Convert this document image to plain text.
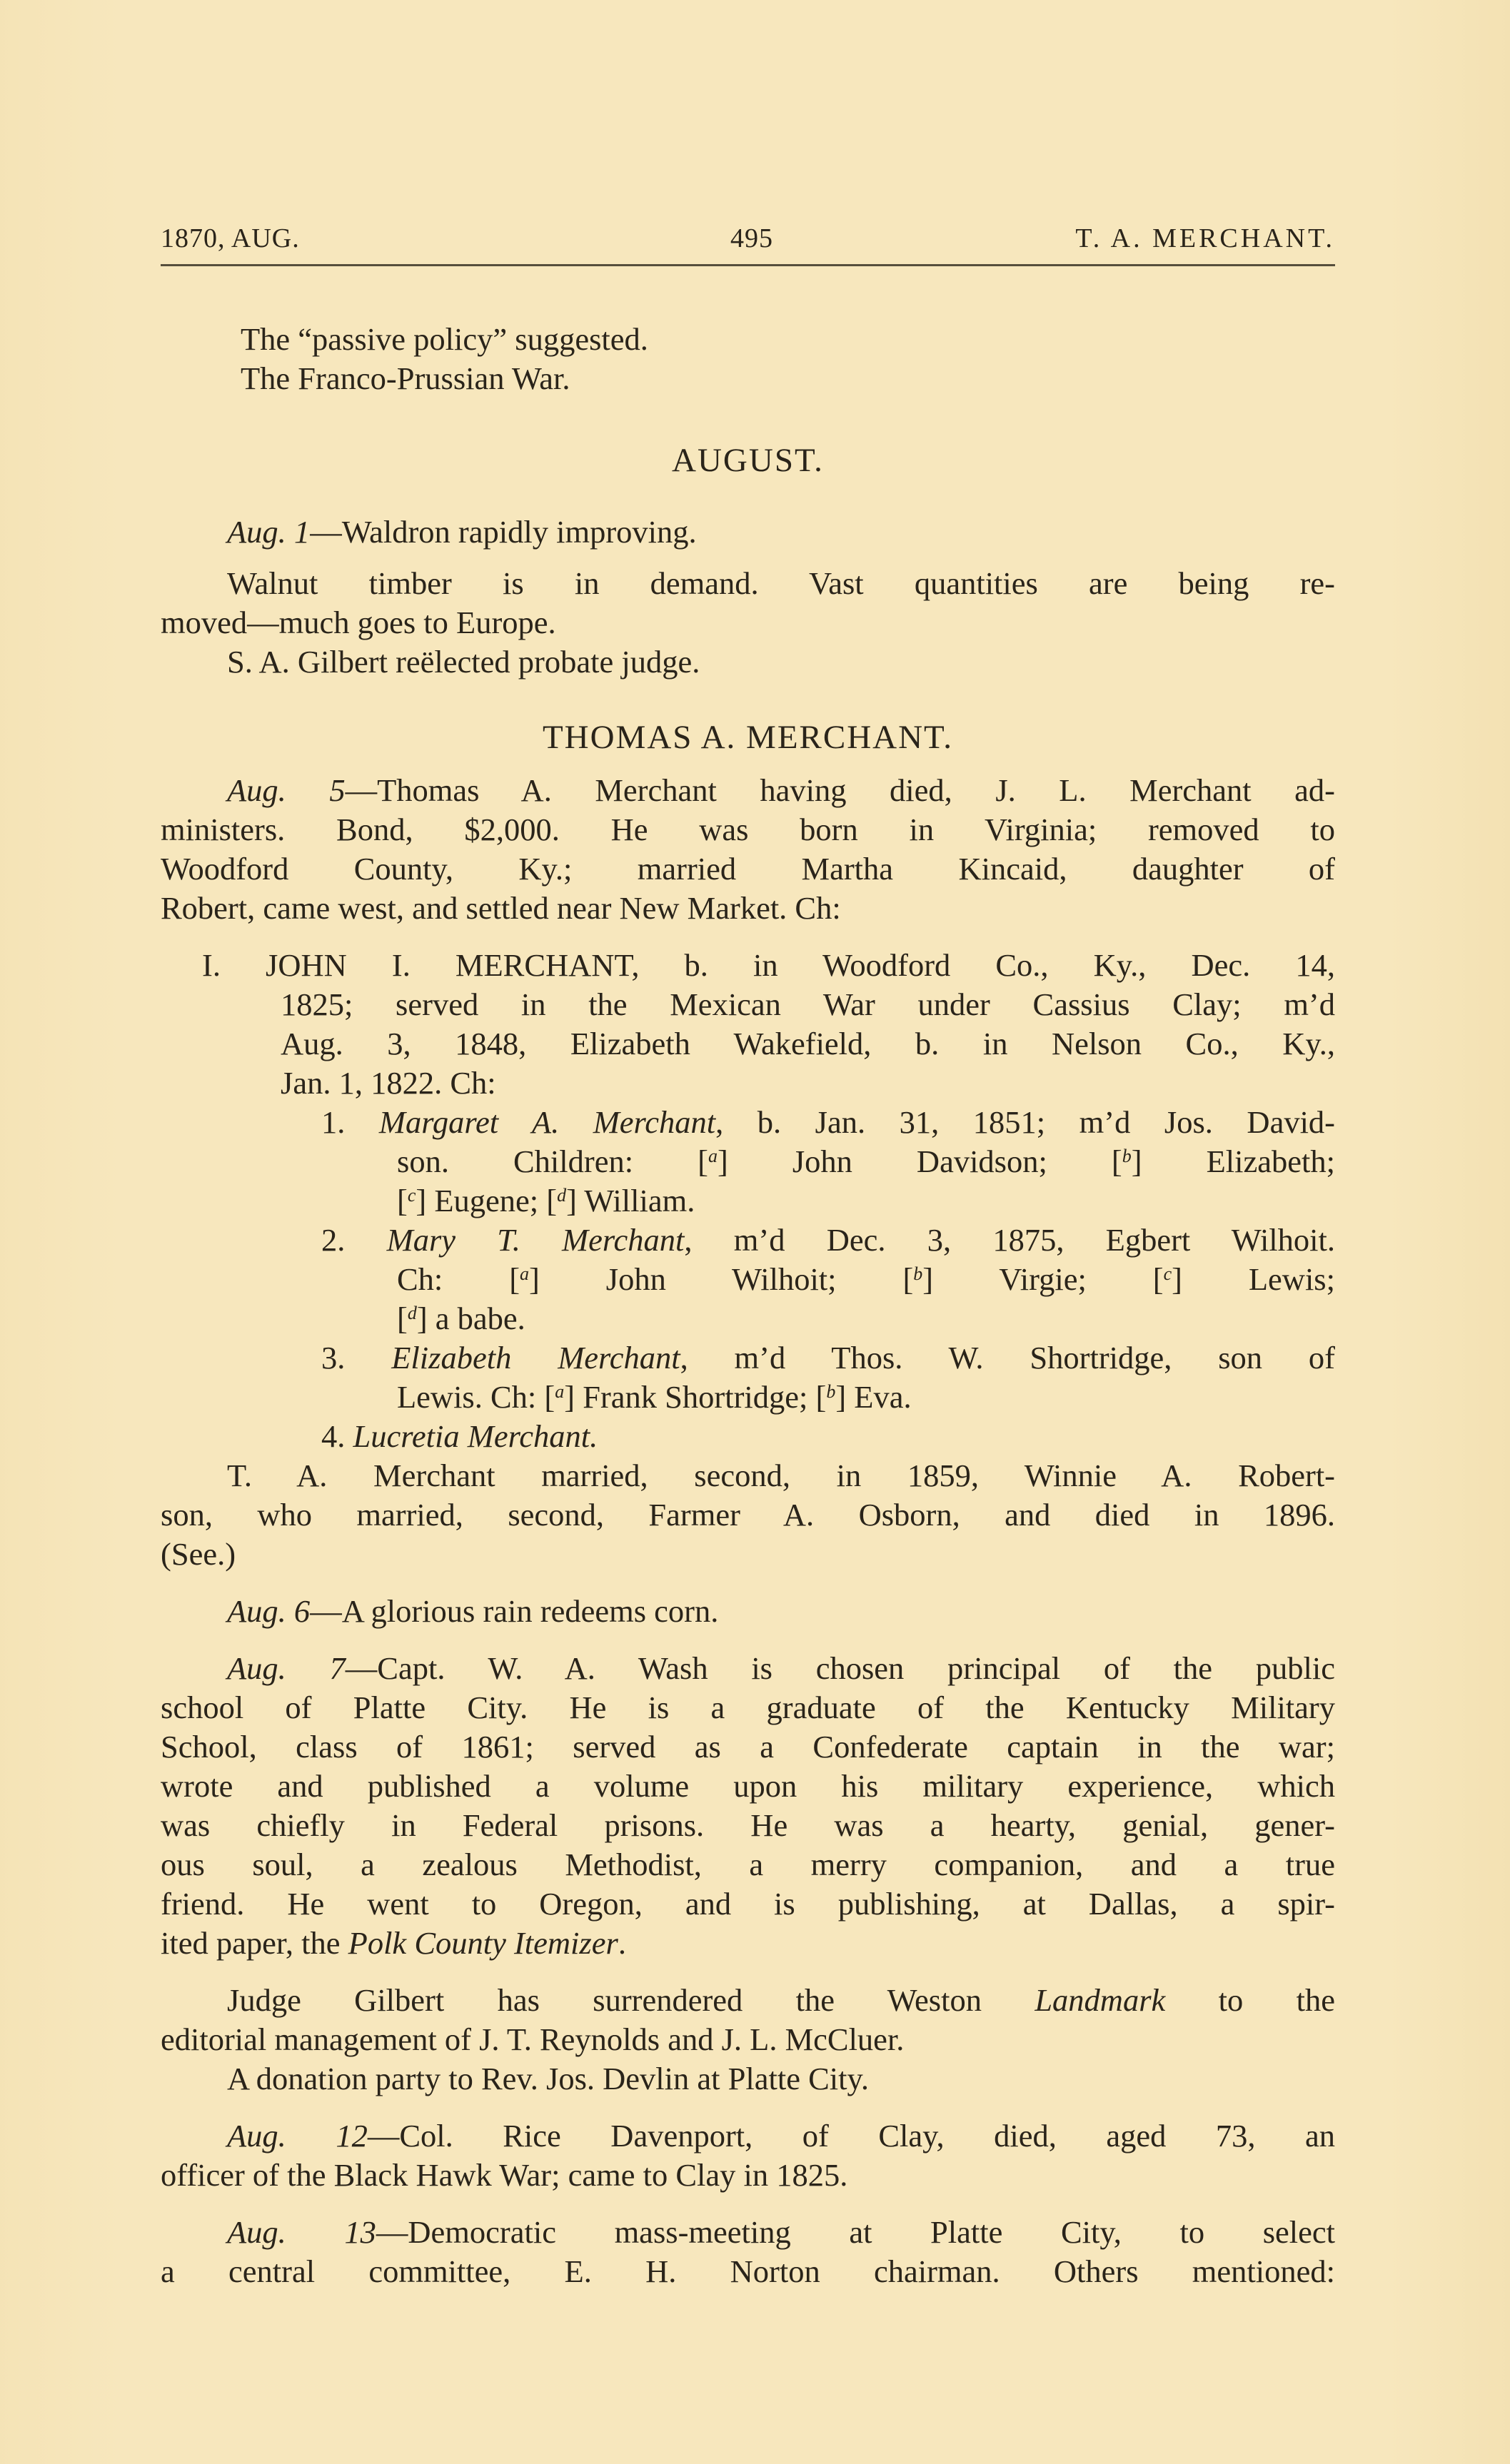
1870, AUG.	495	T. A. MERCHANT.
The “passive policy” suggested.
The Franco-Prussian War.
AUGUST.
Aug. 1—Waldron rapidly improving.
Walnut timber is in demand. Vast quantities are being re-
moved—much goes to Europe.
S. A. Gilbert reëlected probate judge.
THOMAS A. MERCHANT.
Aug. 5—Thomas A. Merchant having died, J. L. Merchant ad-
ministers. Bond, $2,000. He was born in Virginia; removed to
Woodford County, Ky.; married Martha Kincaid, daughter of
Robert, came west, and settled near New Market. Ch:
I. JOHN I. MERCHANT, b. in Woodford Co., Ky., Dec. 14,
1825; served in the Mexican War under Cassius Clay; m’d
Aug. 3, 1848, Elizabeth Wakefield, b. in Nelson Co., Ky.,
Jan. 1, 1822. Ch:
1. Margaret A. Merchant, b. Jan. 31, 1851; m’d Jos. David-
son. Children: [$^a$] John Davidson; [$^b$] Elizabeth;
[$^c$] Eugene; [$^d$] William.
2. Mary T. Merchant, m’d Dec. 3, 1875, Egbert Wilhoit.
Ch: [$^a$] John Wilhoit; [$^b$] Virgie; [$^c$] Lewis;
[$^d$] a babe.
3. Elizabeth Merchant, m’d Thos. W. Shortridge, son of
Lewis. Ch: [$^a$] Frank Shortridge; [$^b$] Eva.
4. Lucretia Merchant.
T. A. Merchant married, second, in 1859, Winnie A. Robert-
son, who married, second, Farmer A. Osborn, and died in 1896.
(See.)
Aug. 6—A glorious rain redeems corn.
Aug. 7—Capt. W. A. Wash is chosen principal of the public
school of Platte City. He is a graduate of the Kentucky Military
School, class of 1861; served as a Confederate captain in the war;
wrote and published a volume upon his military experience, which
was chiefly in Federal prisons. He was a hearty, genial, gener-
ous soul, a zealous Methodist, a merry companion, and a true
friend. He went to Oregon, and is publishing, at Dallas, a spir-
ited paper, the Polk County Itemizer.
Judge Gilbert has surrendered the Weston Landmark to the
editorial management of J. T. Reynolds and J. L. McCluer.
A donation party to Rev. Jos. Devlin at Platte City.
Aug. 12—Col. Rice Davenport, of Clay, died, aged 73, an
officer of the Black Hawk War; came to Clay in 1825.
Aug. 13—Democratic mass-meeting at Platte City, to select
a central committee, E. H. Norton chairman. Others mentioned:
